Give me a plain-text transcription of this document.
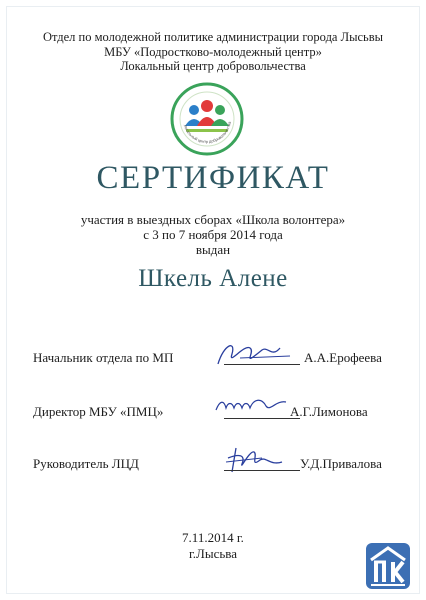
Отдел по молодежной политике администрации города Лысьвы
МБУ «Подростково-молодежный центр»
Локальный центр добровольчества
Локальный центр добровольчества
СЕРТИФИКАТ
участия в выездных сборах «Школа волонтера»
с 3 по 7 ноября 2014 года
выдан
Шкель Алене
Начальник отдела по МП	А.А.Ерофеева
Директор МБУ «ПМЦ»	А.Г.Лимонова
Руководитель ЛЦД	У.Д.Привалова
7.11.2014 г.
г.Лысьва
